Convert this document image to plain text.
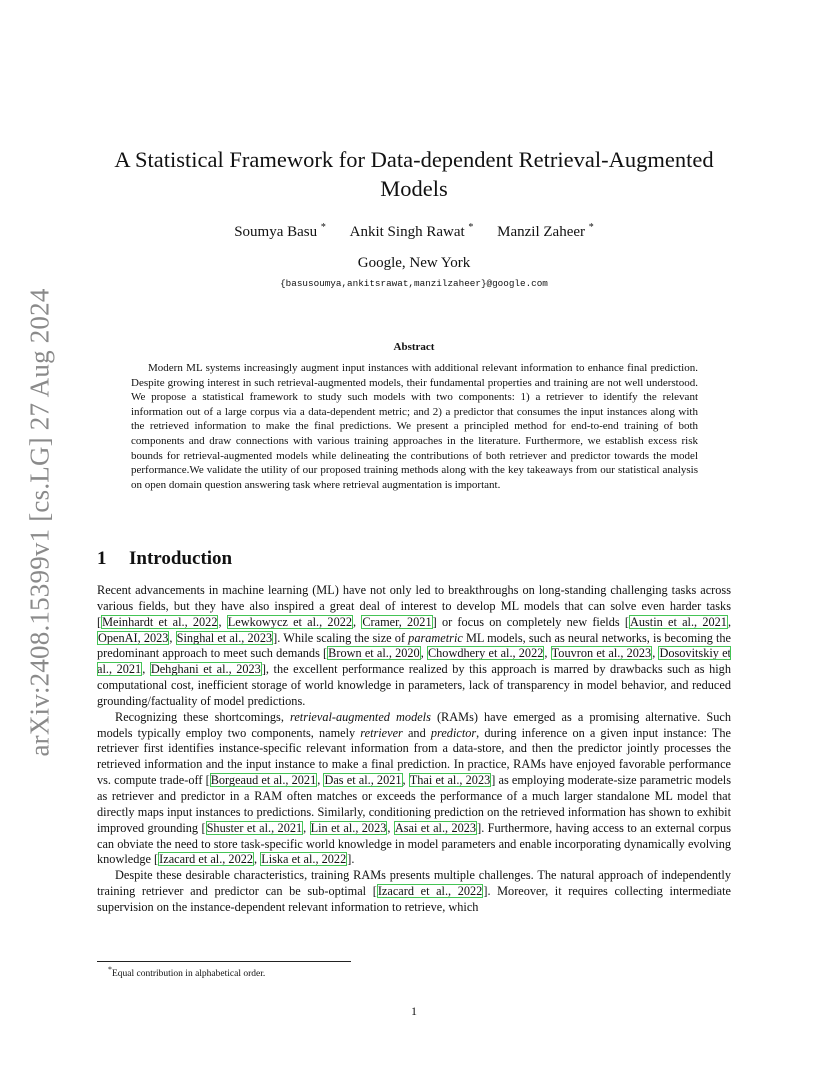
arXiv:2408.15399v1 [cs.LG] 27 Aug 2024
A Statistical Framework for Data-dependent Retrieval-Augmented Models
Soumya Basu * Ankit Singh Rawat * Manzil Zaheer *
Google, New York
{basusoumya,ankitsrawat,manzilzaheer}@google.com
Abstract

Modern ML systems increasingly augment input instances with additional relevant information to enhance final prediction. Despite growing interest in such retrieval-augmented models, their fundamental properties and training are not well understood. We propose a statistical framework to study such models with two components: 1) a retriever to identify the relevant information out of a large corpus via a data-dependent metric; and 2) a predictor that consumes the input instances along with the retrieved information to make the final predictions. We present a principled method for end-to-end training of both components and draw connections with various training approaches in the literature. Furthermore, we establish excess risk bounds for retrieval-augmented models while delineating the contributions of both retriever and predictor towards the model performance.We validate the utility of our proposed training methods along with the key takeaways from our statistical analysis on open domain question answering task where retrieval augmentation is important.

1 Introduction

Recent advancements in machine learning (ML) have not only led to breakthroughs on long-standing challenging tasks across various fields, but they have also inspired a great deal of interest to develop ML models that can solve even harder tasks [Meinhardt et al., 2022, Lewkowycz et al., 2022, Cramer, 2021] or focus on completely new fields [Austin et al., 2021, OpenAI, 2023, Singhal et al., 2023]. While scaling the size of parametric ML models, such as neural networks, is becoming the predominant approach to meet such demands [Brown et al., 2020, Chowdhery et al., 2022, Touvron et al., 2023, Dosovitskiy et al., 2021, Dehghani et al., 2023], the excellent performance realized by this approach is marred by drawbacks such as high computational cost, inefficient storage of world knowledge in parameters, lack of transparency in model behavior, and reduced grounding/factuality of model predictions.

Recognizing these shortcomings, retrieval-augmented models (RAMs) have emerged as a promising alternative. Such models typically employ two components, namely retriever and predictor, during inference on a given input instance: The retriever first identifies instance-specific relevant information from a data-store, and then the predictor jointly processes the retrieved information and the input instance to make a final prediction. In practice, RAMs have enjoyed favorable performance vs. compute trade-off [Borgeaud et al., 2021, Das et al., 2021, Thai et al., 2023] as employing moderate-size parametric models as retriever and predictor in a RAM often matches or exceeds the performance of a much larger standalone ML model that directly maps input instances to predictions. Similarly, conditioning prediction on the retrieved information has shown to exhibit improved grounding [Shuster et al., 2021, Lin et al., 2023, Asai et al., 2023]. Furthermore, having access to an external corpus can obviate the need to store task-specific world knowledge in model parameters and enable incorporating dynamically evolving knowledge [Izacard et al., 2022, Liska et al., 2022].

Despite these desirable characteristics, training RAMs presents multiple challenges. The natural approach of independently training retriever and predictor can be sub-optimal [Izacard et al., 2022]. Moreover, it requires collecting intermediate supervision on the instance-dependent relevant information to retrieve, which

*Equal contribution in alphabetical order.
1
